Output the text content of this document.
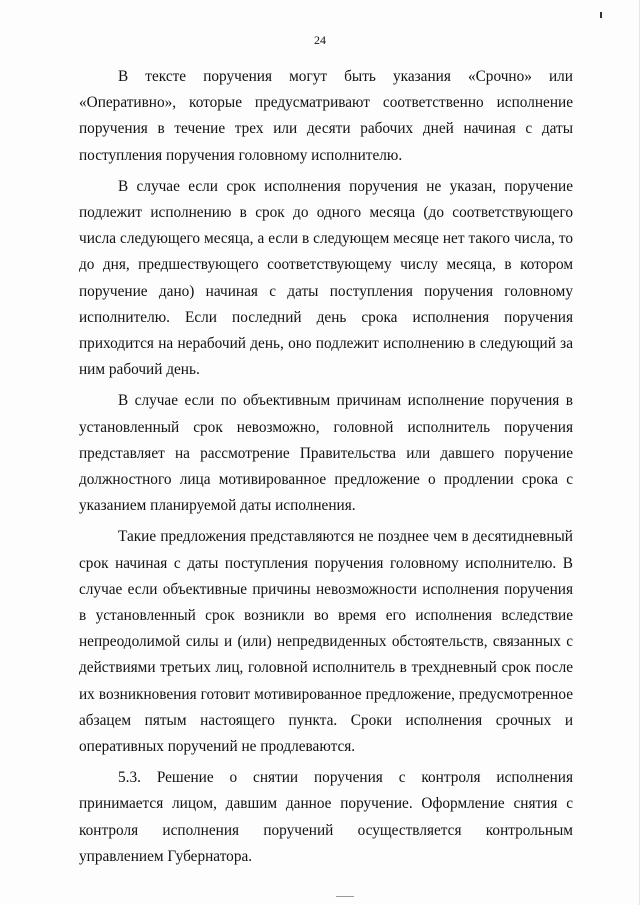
24

В тексте поручения могут быть указания «Срочно» или «Оперативно», которые предусматривают соответственно исполнение поручения в течение трех или десяти рабочих дней начиная с даты поступления поручения головному исполнителю.

В случае если срок исполнения поручения не указан, поручение подлежит исполнению в срок до одного месяца (до соответствующего числа следующего месяца, а если в следующем месяце нет такого числа, то до дня, предшествующего соответствующему числу месяца, в котором поручение дано) начиная с даты поступления поручения головному исполнителю. Если последний день срока исполнения поручения приходится на нерабочий день, оно подлежит исполнению в следующий за ним рабочий день.

В случае если по объективным причинам исполнение поручения в установленный срок невозможно, головной исполнитель поручения представляет на рассмотрение Правительства или давшего поручение должностного лица мотивированное предложение о продлении срока с указанием планируемой даты исполнения.

Такие предложения представляются не позднее чем в десятидневный срок начиная с даты поступления поручения головному исполнителю. В случае если объективные причины невозможности исполнения поручения в установленный срок возникли во время его исполнения вследствие непреодолимой силы и (или) непредвиденных обстоятельств, связанных с действиями третьих лиц, головной исполнитель в трехдневный срок после их возникновения готовит мотивированное предложение, предусмотренное абзацем пятым настоящего пункта. Сроки исполнения срочных и оперативных поручений не продлеваются.

5.3. Решение о снятии поручения с контроля исполнения принимается лицом, давшим данное поручение. Оформление снятия с контроля исполнения поручений осуществляется контрольным управлением Губернатора.
